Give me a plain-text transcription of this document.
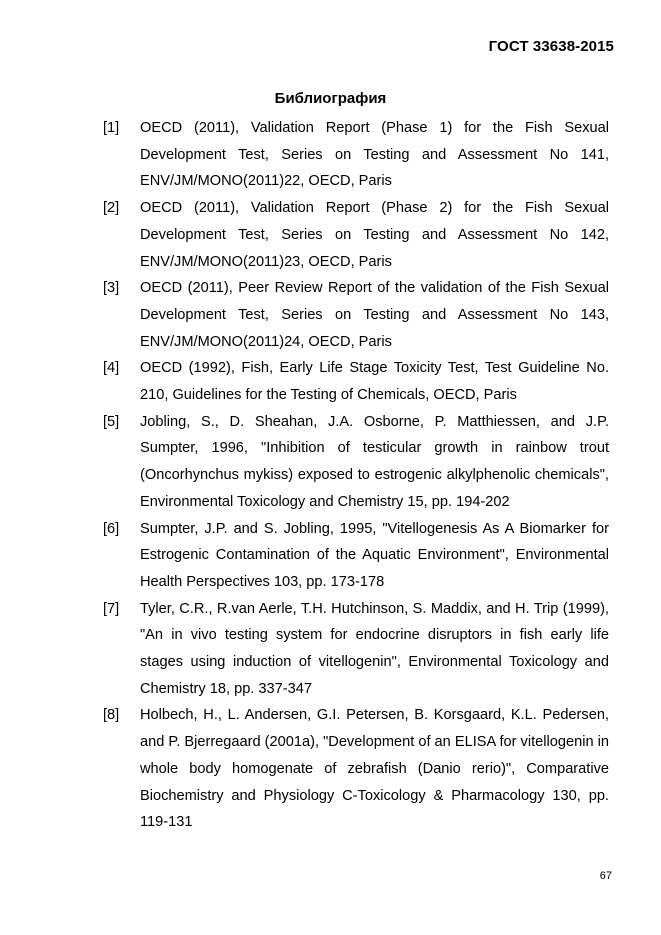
ГОСТ 33638-2015
Библиография
[1] OECD (2011), Validation Report (Phase 1) for the Fish Sexual Development Test, Series on Testing and Assessment No 141, ENV/JM/MONO(2011)22, OECD, Paris
[2] OECD (2011), Validation Report (Phase 2) for the Fish Sexual Development Test, Series on Testing and Assessment No 142, ENV/JM/MONO(2011)23, OECD, Paris
[3] OECD (2011), Peer Review Report of the validation of the Fish Sexual Development Test, Series on Testing and Assessment No 143, ENV/JM/MONO(2011)24, OECD, Paris
[4] OECD (1992), Fish, Early Life Stage Toxicity Test, Test Guideline No. 210, Guidelines for the Testing of Chemicals, OECD, Paris
[5] Jobling, S., D. Sheahan, J.A. Osborne, P. Matthiessen, and J.P. Sumpter, 1996, "Inhibition of testicular growth in rainbow trout (Oncorhynchus mykiss) exposed to estrogenic alkylphenolic chemicals", Environmental Toxicology and Chemistry 15, pp. 194-202
[6] Sumpter, J.P. and S. Jobling, 1995, "Vitellogenesis As A Biomarker for Estrogenic Contamination of the Aquatic Environment", Environmental Health Perspectives 103, pp. 173-178
[7] Tyler, C.R., R.van Aerle, T.H. Hutchinson, S. Maddix, and H. Trip (1999), "An in vivo testing system for endocrine disruptors in fish early life stages using induction of vitellogenin", Environmental Toxicology and Chemistry 18, pp. 337-347
[8] Holbech, H., L. Andersen, G.I. Petersen, B. Korsgaard, K.L. Pedersen, and P. Bjerregaard (2001a), "Development of an ELISA for vitellogenin in whole body homogenate of zebrafish (Danio rerio)", Comparative Biochemistry and Physiology C-Toxicology & Pharmacology 130, pp. 119-131
67
